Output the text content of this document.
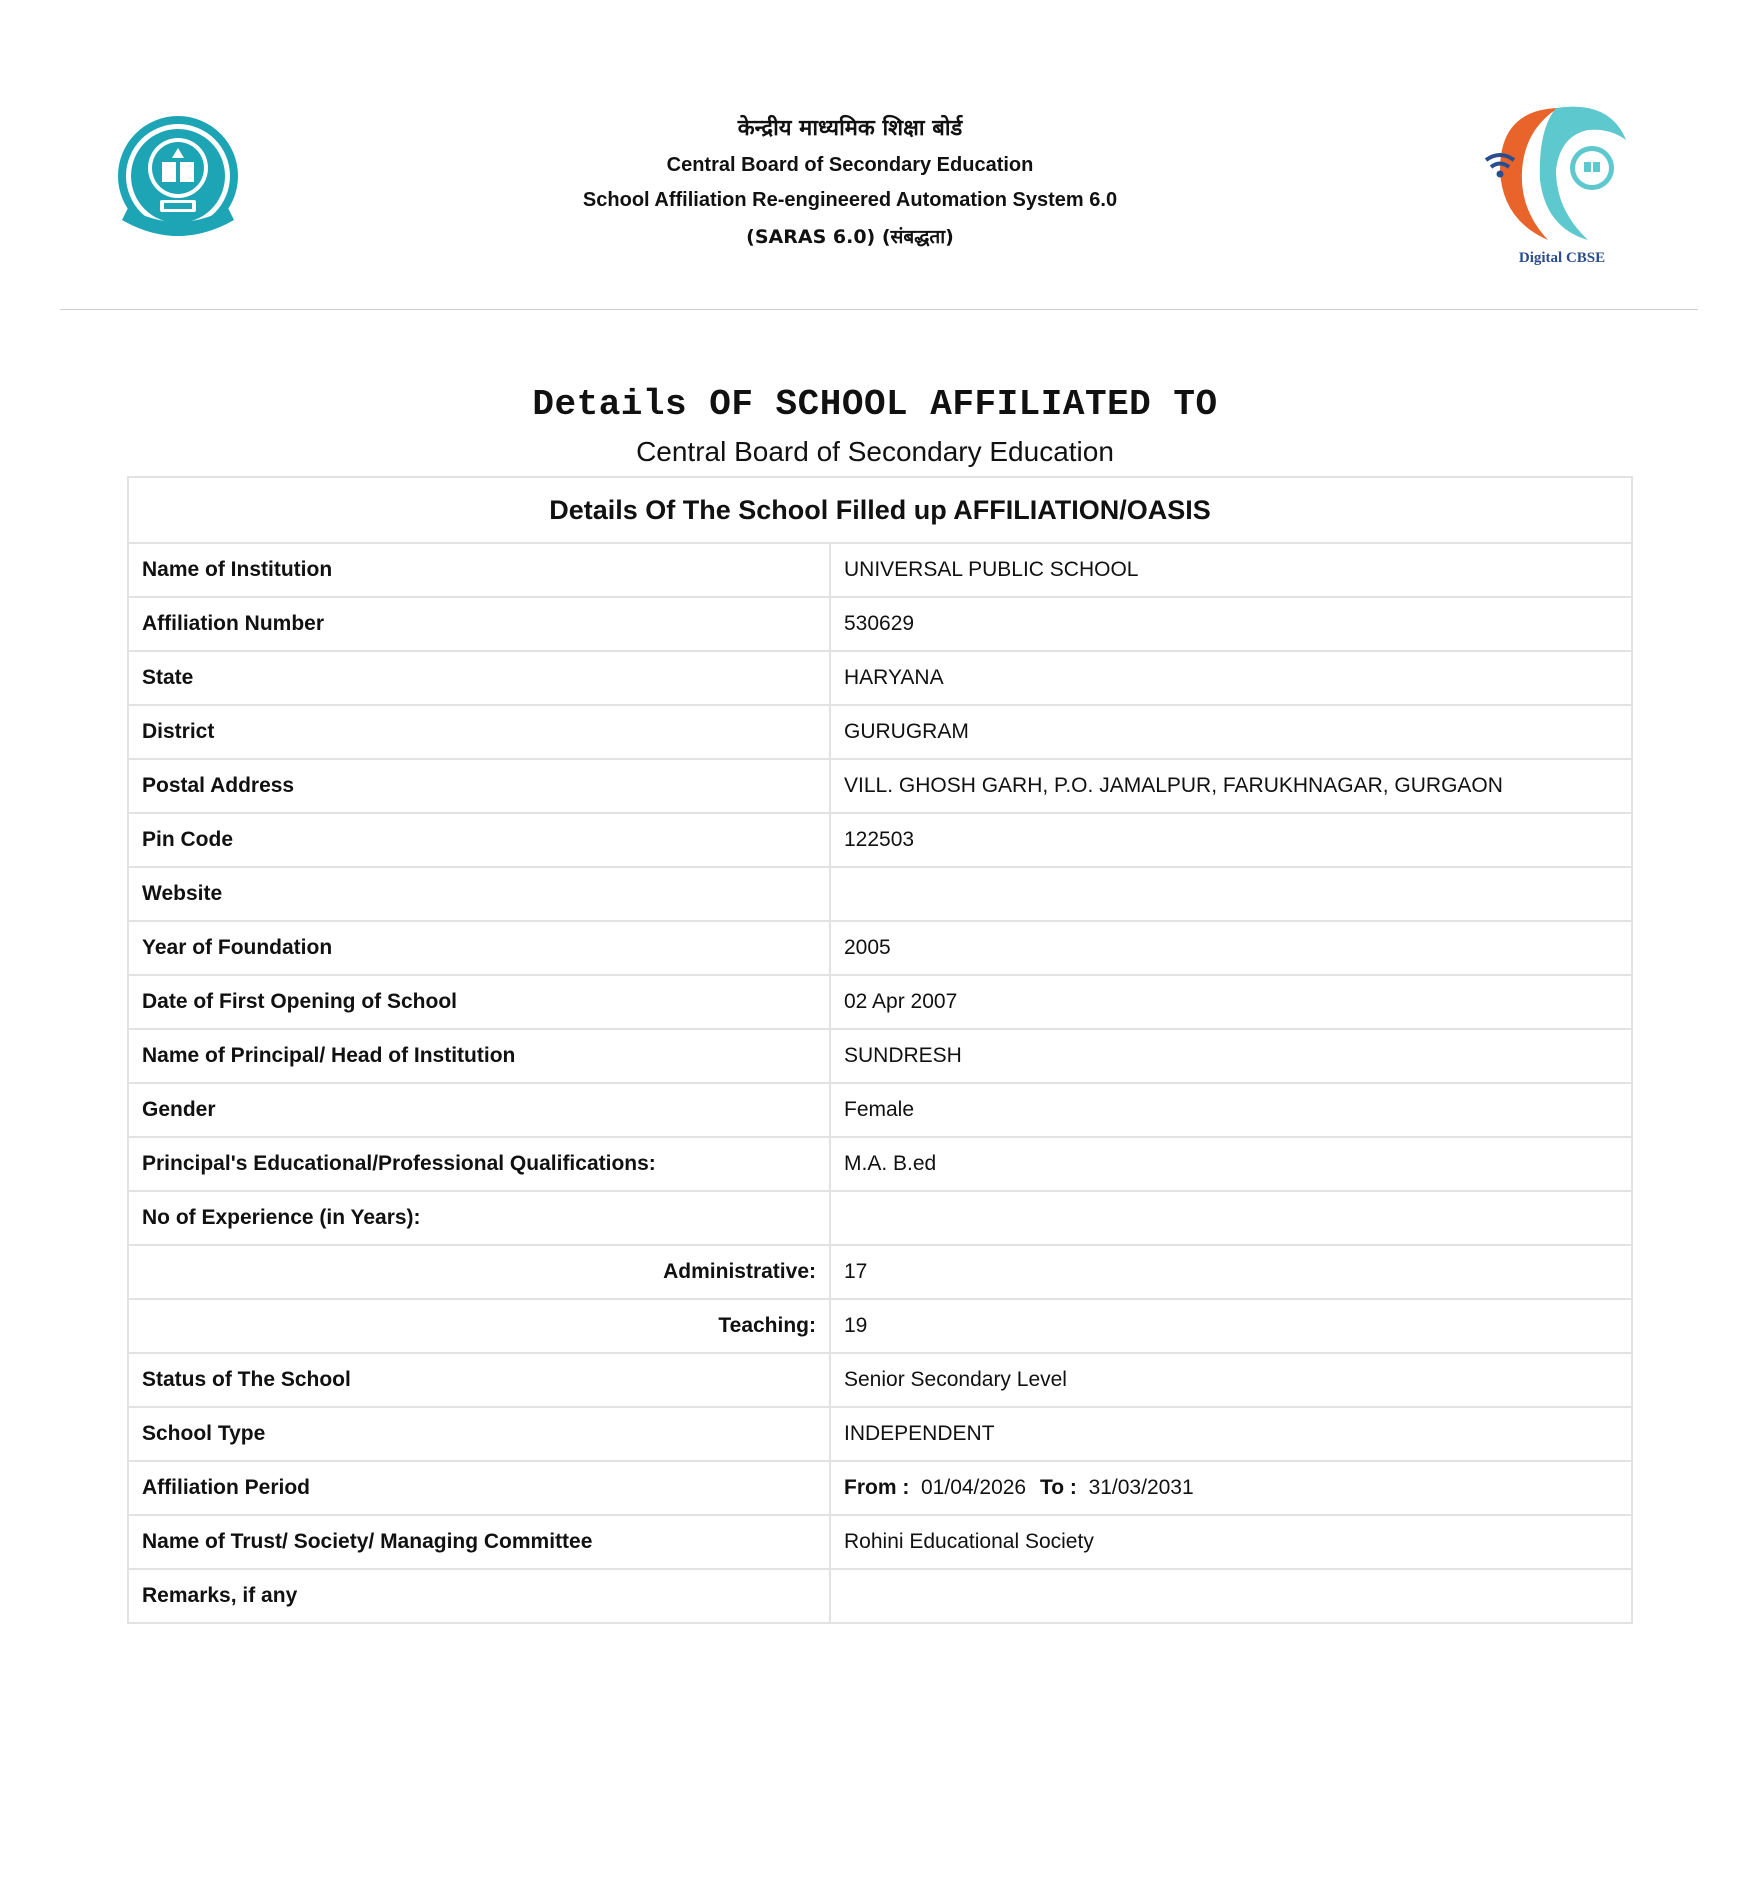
केन्द्रीय माध्यमिक शिक्षा बोर्ड
Central Board of Secondary Education
School Affiliation Re-engineered Automation System 6.0
(SARAS 6.0) (संबद्धता)
Digital CBSE
Details OF SCHOOL AFFILIATED TO
Central Board of Secondary Education
Details Of The School Filled up AFFILIATION/OASIS	
Name of Institution	UNIVERSAL PUBLIC SCHOOL
Affiliation Number	530629
State	HARYANA
District	GURUGRAM
Postal Address	VILL. GHOSH GARH, P.O. JAMALPUR, FARUKHNAGAR, GURGAON
Pin Code	122503
Website	
Year of Foundation	2005
Date of First Opening of School	02 Apr 2007
Name of Principal/ Head of Institution	SUNDRESH
Gender	Female
Principal's Educational/Professional Qualifications:	M.A. B.ed
No of Experience (in Years):	
Administrative:	17
Teaching:	19
Status of The School	Senior Secondary Level
School Type	INDEPENDENT
Affiliation Period	From : 01/04/2026 To : 31/03/2031
Name of Trust/ Society/ Managing Committee	Rohini Educational Society
Remarks, if any	
